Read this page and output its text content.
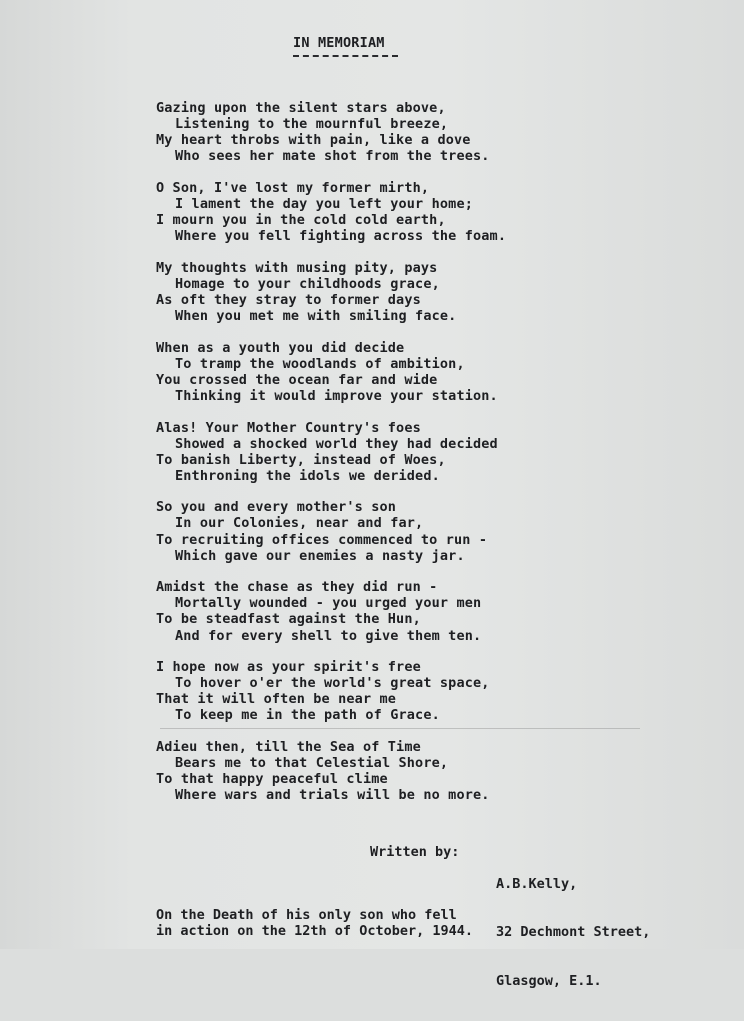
IN MEMORIAM
Gazing upon the silent stars above,
Listening to the mournful breeze,
My heart throbs with pain, like a dove
Who sees her mate shot from the trees.
O Son, I've lost my former mirth,
I lament the day you left your home;
I mourn you in the cold cold earth,
Where you fell fighting across the foam.
My thoughts with musing pity, pays
Homage to your childhoods grace,
As oft they stray to former days
When you met me with smiling face.
When as a youth you did decide
To tramp the woodlands of ambition,
You crossed the ocean far and wide
Thinking it would improve your station.
Alas! Your Mother Country's foes
Showed a shocked world they had decided
To banish Liberty, instead of Woes,
Enthroning the idols we derided.
So you and every mother's son
In our Colonies, near and far,
To recruiting offices commenced to run -
Which gave our enemies a nasty jar.
Amidst the chase as they did run -
Mortally wounded - you urged your men
To be steadfast against the Hun,
And for every shell to give them ten.
I hope now as your spirit's free
To hover o'er the world's great space,
That it will often be near me
To keep me in the path of Grace.
Adieu then, till the Sea of Time
Bears me to that Celestial Shore,
To that happy peaceful clime
Where wars and trials will be no more.
Written by:

A.B.Kelly,

32 Dechmont Street,

Glasgow, E.1.

On the Death of his only son who fell
in action on the 12th of October, 1944.
